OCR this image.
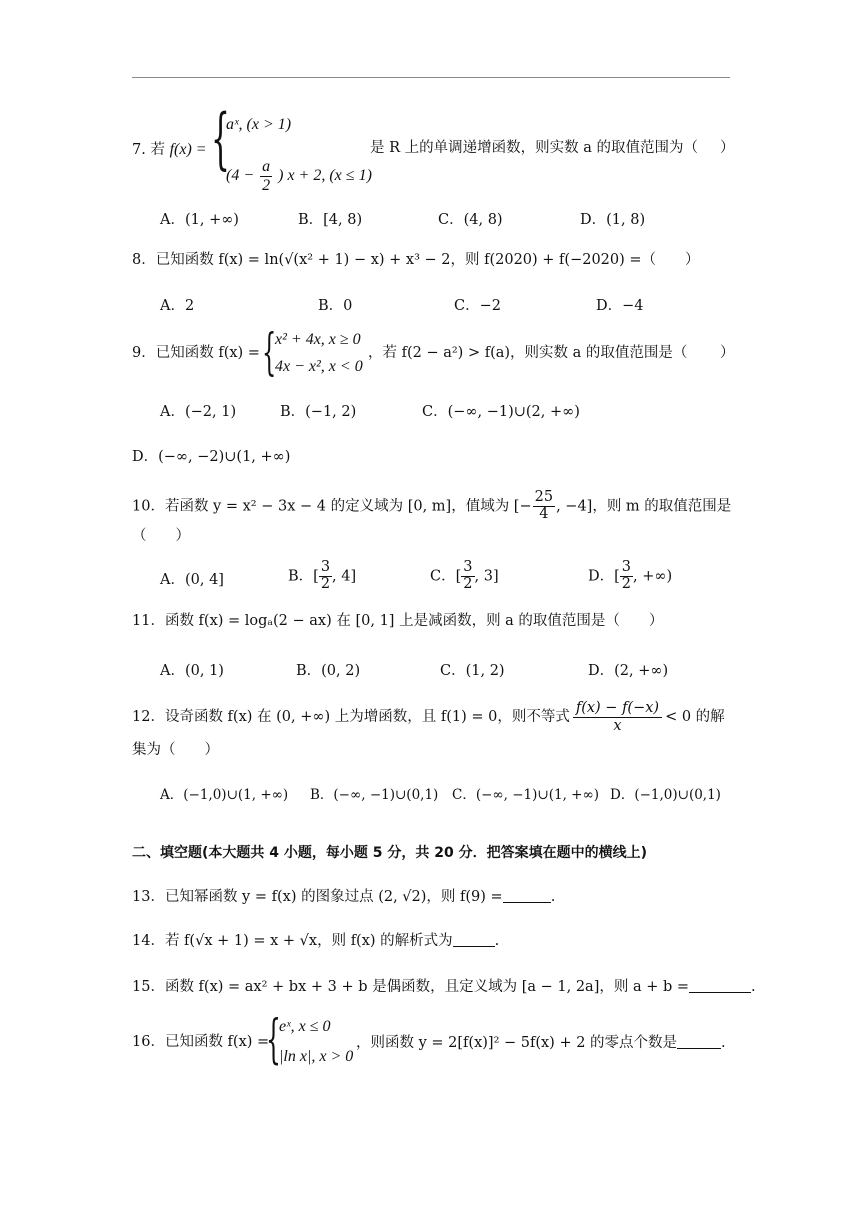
7. 若 f(x) = {
aˣ, (x > 1)
($4 - \frac{a}{2}$ ) x + 2, (x ≤ 1)
是 R 上的单调递增函数，则实数 a 的取值范围为（ ）
A．(1, +∞)	B．[4, 8)	C．(4, 8)	D．(1, 8)
8．已知函数 f(x) = ln(√(x² + 1) − x) + x³ − 2，则 f(2020) + f(−2020) =（　　）
A．2	B．0	C．−2	D．−4
9．已知函数 f(x) = {
x² + 4x, x ≥ 0
4x − x², x < 0
，若 f(2 − a²) > f(a)，则实数 a 的取值范围是（ ）
A．(−2, 1)	B．(−1, 2)	C．(−∞, −1)∪(2, +∞)
D．(−∞, −2)∪(1, +∞)
10．若函数 y = x² − 3x − 4 的定义域为 [0, m]，值域为 [− $\frac{25}{4}$ , −4]，则 m 的取值范围是
（　　）
A．(0, 4]	B．[ $\frac{3}{2}$ , 4]	C．[ $\frac{3}{2}$ , 3]	D．[ $\frac{3}{2}$ , +∞)
11．函数 f(x) = logₐ(2 − ax) 在 [0, 1] 上是减函数，则 a 的取值范围是（　　）
A．(0, 1)	B．(0, 2)	C．(1, 2)	D．(2, +∞)
12．设奇函数 f(x) 在 (0, +∞) 上为增函数，且 f(1) = 0，则不等式 $\frac{f(x) - f(-x)}{x} < 0$ 的解
集为（　　）
A．(−1,0)∪(1, +∞) B．(−∞, −1)∪(0,1) C．(−∞, −1)∪(1, +∞) D．(−1,0)∪(0,1)
二、填空题(本大题共 4 小题，每小题 5 分，共 20 分．把答案填在题中的横线上)
13．已知幂函数 y = f(x) 的图象过点 (2, √2)，则 f(9) =	.
14．若 f(√x + 1) = x + √x，则 f(x) 的解析式为	.
15．函数 f(x) = ax² + bx + 3 + b 是偶函数，且定义域为 [a − 1, 2a]，则 a + b =	.
16．已知函数 f(x) =
{
eˣ, x ≤ 0
|ln x|, x > 0
，则函数 y = 2[f(x)]² − 5f(x) + 2 的零点个数是	.
